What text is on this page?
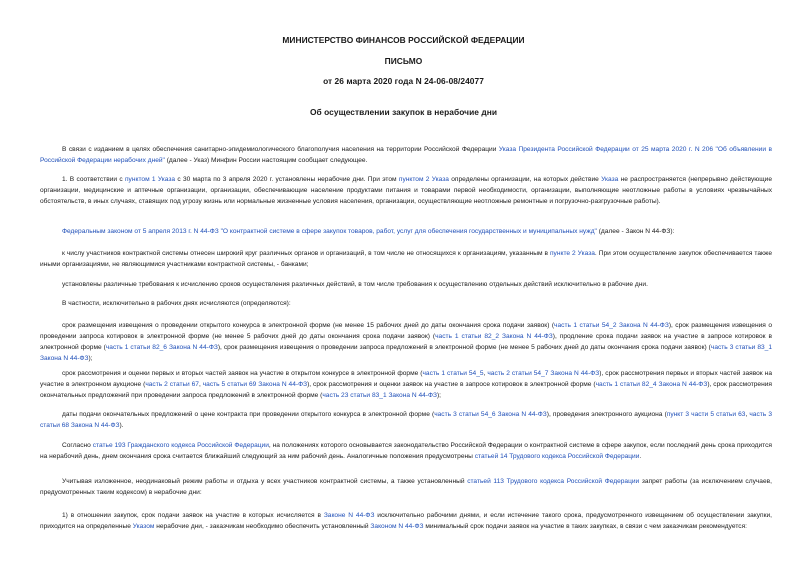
МИНИСТЕРСТВО ФИНАНСОВ РОССИЙСКОЙ ФЕДЕРАЦИИ
ПИСЬМО
от 26 марта 2020 года N 24-06-08/24077
Об осуществлении закупок в нерабочие дни

В связи с изданием в целях обеспечения санитарно-эпидемиологического благополучия населения на территории Российской Федерации Указа Президента Российской Федерации от 25 марта 2020 г. N 206 "Об объявлении в Российской Федерации нерабочих дней" (далее - Указ) Минфин России настоящим сообщает следующее.

1. В соответствии с пунктом 1 Указа с 30 марта по 3 апреля 2020 г. установлены нерабочие дни. При этом пунктом 2 Указа определены организации, на которых действие Указа не распространяется (непрерывно действующие организации, медицинские и аптечные организации, организации, обеспечивающие население продуктами питания и товарами первой необходимости, организации, выполняющие неотложные работы в условиях чрезвычайных обстоятельств, в иных случаях, ставящих под угрозу жизнь или нормальные жизненные условия населения, организации, осуществляющие неотложные ремонтные и погрузочно-разгрузочные работы).

Федеральным законом от 5 апреля 2013 г. N 44-ФЗ "О контрактной системе в сфере закупок товаров, работ, услуг для обеспечения государственных и муниципальных нужд" (далее - Закон N 44-ФЗ):

к числу участников контрактной системы отнесен широкий круг различных органов и организаций, в том числе не относящихся к организациям, указанным в пункте 2 Указа. При этом осуществление закупок обеспечивается также иными организациями, не являющимися участниками контрактной системы, - банками;

установлены различные требования к исчислению сроков осуществления различных действий, в том числе требования к осуществлению отдельных действий исключительно в рабочие дни.

В частности, исключительно в рабочих днях исчисляются (определяются):

срок размещения извещения о проведении открытого конкурса в электронной форме (не менее 15 рабочих дней до даты окончания срока подачи заявок) (часть 1 статьи 54_2 Закона N 44-ФЗ), срок размещения извещения о проведении запроса котировок в электронной форме (не менее 5 рабочих дней до даты окончания срока подачи заявок) (часть 1 статьи 82_2 Закона N 44-ФЗ), продление срока подачи заявок на участие в запросе котировок в электронной форме (часть 1 статьи 82_6 Закона N 44-ФЗ), срок размещения извещения о проведении запроса предложений в электронной форме (не менее 5 рабочих дней до даты окончания срока подачи заявок) (часть 3 статьи 83_1 Закона N 44-ФЗ);

срок рассмотрения и оценки первых и вторых частей заявок на участие в открытом конкурсе в электронной форме (часть 1 статьи 54_5, часть 2 статьи 54_7 Закона N 44-ФЗ), срок рассмотрения первых и вторых частей заявок на участие в электронном аукционе (часть 2 статьи 67, часть 5 статьи 69 Закона N 44-ФЗ), срок рассмотрения и оценки заявок на участие в запросе котировок в электронной форме (часть 1 статьи 82_4 Закона N 44-ФЗ), срок рассмотрения окончательных предложений при проведении запроса предложений в электронной форме (часть 23 статьи 83_1 Закона N 44-ФЗ);

даты подачи окончательных предложений о цене контракта при проведении открытого конкурса в электронной форме (часть 3 статьи 54_6 Закона N 44-ФЗ), проведения электронного аукциона (пункт 3 части 5 статьи 63, часть 3 статьи 68 Закона N 44-ФЗ).

Согласно статье 193 Гражданского кодекса Российской Федерации, на положениях которого основывается законодательство Российской Федерации о контрактной системе в сфере закупок, если последний день срока приходится на нерабочий день, днем окончания срока считается ближайший следующий за ним рабочий день. Аналогичные положения предусмотрены статьей 14 Трудового кодекса Российской Федерации.

Учитывая изложенное, неодинаковый режим работы и отдыха у всех участников контрактной системы, а также установленный статьей 113 Трудового кодекса Российской Федерации запрет работы (за исключением случаев, предусмотренных таким кодексом) в нерабочие дни:

1) в отношении закупок, срок подачи заявок на участие в которых исчисляется в Законе N 44-ФЗ исключительно рабочими днями, и если истечение такого срока, предусмотренного извещением об осуществлении закупки, приходится на определенные Указом нерабочие дни, - заказчикам необходимо обеспечить установленный Законом N 44-ФЗ минимальный срок подачи заявок на участие в таких закупках, в связи с чем заказчикам рекомендуется:
